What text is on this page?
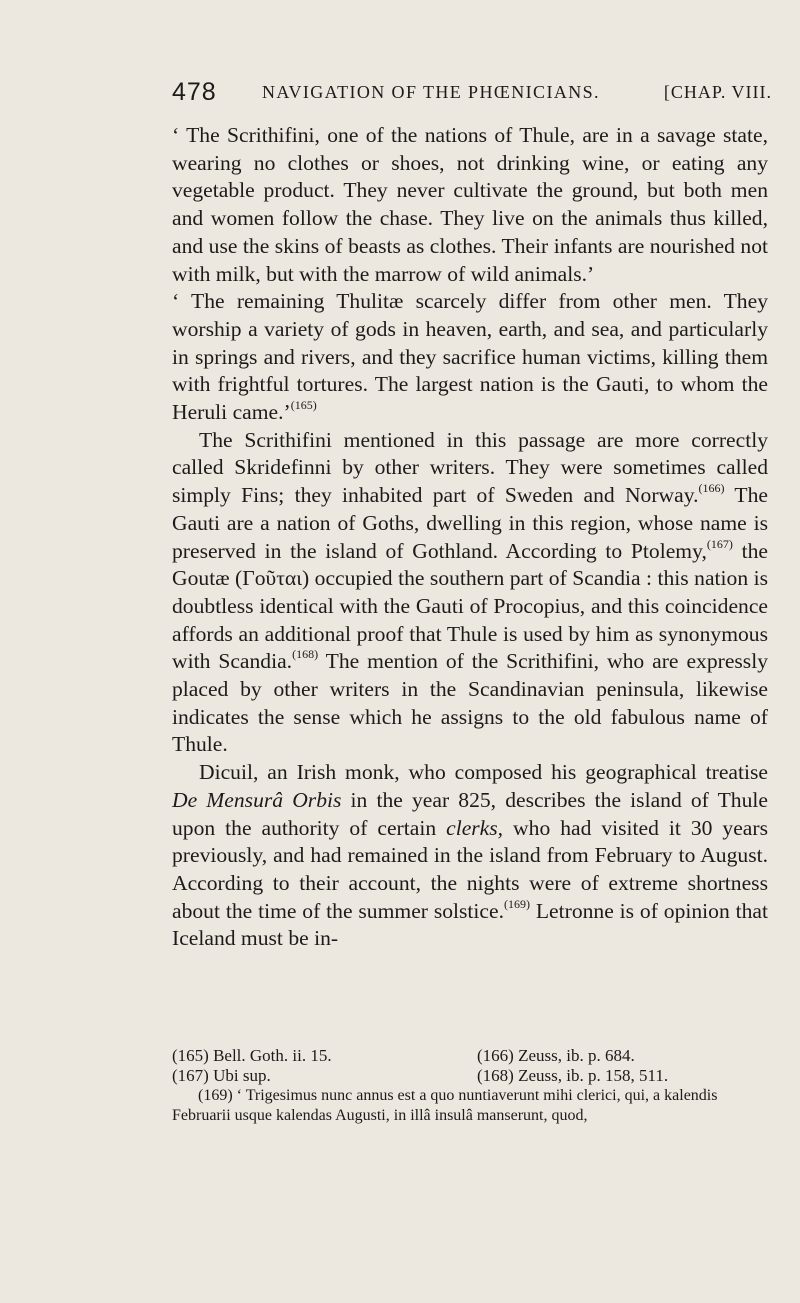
478	NAVIGATION OF THE PHŒNICIANS.	[CHAP. VIII.

‘ The Scrithifini, one of the nations of Thule, are in a savage state, wearing no clothes or shoes, not drinking wine, or eating any vegetable product. They never cultivate the ground, but both men and women follow the chase. They live on the animals thus killed, and use the skins of beasts as clothes. Their infants are nourished not with milk, but with the marrow of wild animals.’

‘ The remaining Thulitæ scarcely differ from other men. They worship a variety of gods in heaven, earth, and sea, and particularly in springs and rivers, and they sacrifice human victims, killing them with frightful tortures. The largest nation is the Gauti, to whom the Heruli came.’$^{(165)}$

The Scrithifini mentioned in this passage are more correctly called Skridefinni by other writers. They were sometimes called simply Fins; they inhabited part of Sweden and Norway.$^{(166)}$ The Gauti are a nation of Goths, dwelling in this region, whose name is preserved in the island of Gothland. According to Ptolemy,$^{(167)}$ the Goutæ (Γοῦται) occupied the southern part of Scandia : this nation is doubtless identical with the Gauti of Procopius, and this coincidence affords an additional proof that Thule is used by him as synonymous with Scandia.$^{(168)}$ The mention of the Scrithifini, who are expressly placed by other writers in the Scandinavian peninsula, likewise indicates the sense which he assigns to the old fabulous name of Thule.

Dicuil, an Irish monk, who composed his geographical treatise De Mensurâ Orbis in the year 825, describes the island of Thule upon the authority of certain clerks, who had visited it 30 years previously, and had remained in the island from February to August. According to their account, the nights were of extreme shortness about the time of the summer solstice.$^{(169)}$ Letronne is of opinion that Iceland must be in-

(165) Bell. Goth. ii. 15.	(166) Zeuss, ib. p. 684.
(167) Ubi sup.	(168) Zeuss, ib. p. 158, 511.
(169) ‘ Trigesimus nunc annus est a quo nuntiaverunt mihi clerici, qui, a kalendis Februarii usque kalendas Augusti, in illâ insulâ manserunt, quod,
